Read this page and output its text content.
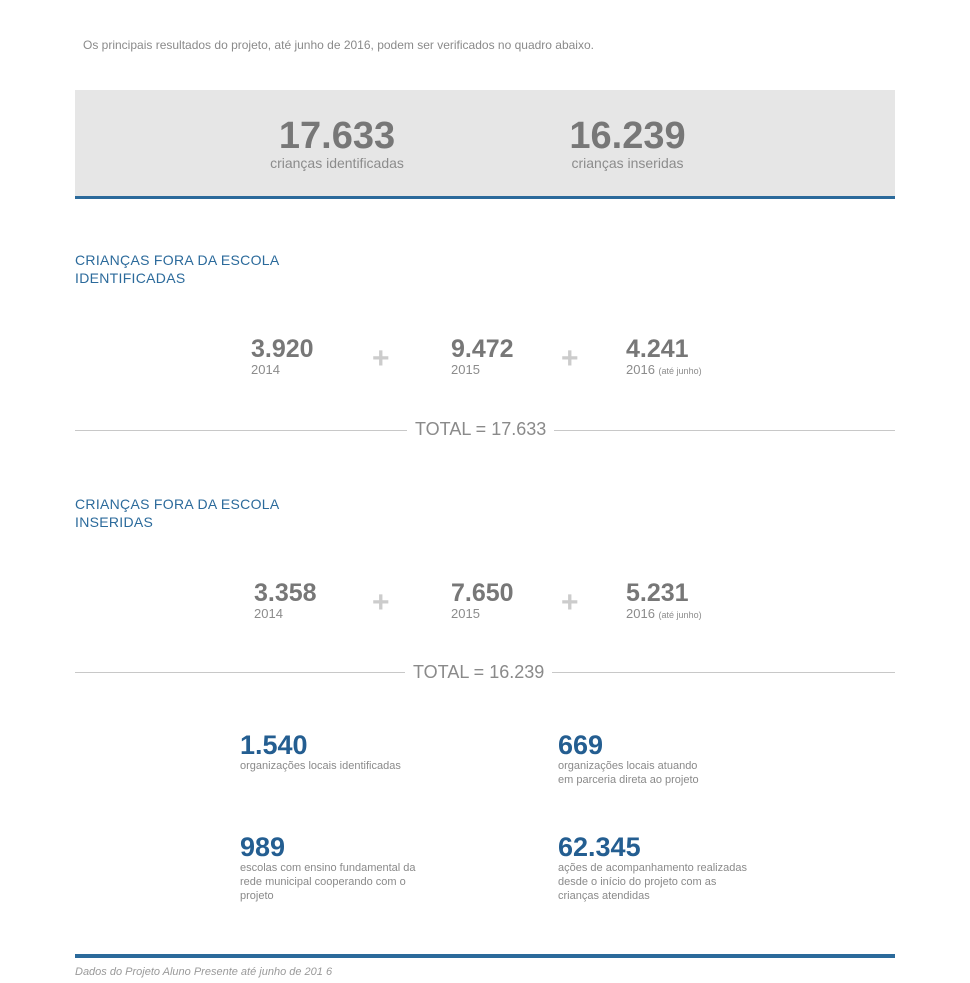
Os principais resultados do projeto, até junho de 2016, podem ser verificados no quadro abaixo.
17.633
crianças identificadas
16.239
crianças inseridas
CRIANÇAS FORA DA ESCOLA
IDENTIFICADAS
3.920
2014	+ 9.472
2015	+ 4.241
2016 (até junho)
TOTAL = 17.633
CRIANÇAS FORA DA ESCOLA
INSERIDAS
3.358
2014	+ 7.650
2015	+ 5.231
2016 (até junho)
TOTAL = 16.239
1.540
organizações locais identificadas
669
organizações locais atuando
em parceria direta ao projeto
989
escolas com ensino fundamental da
rede municipal cooperando com o
projeto
62.345
ações de acompanhamento realizadas
desde o início do projeto com as
crianças atendidas
Dados do Projeto Aluno Presente até junho de 201 6
